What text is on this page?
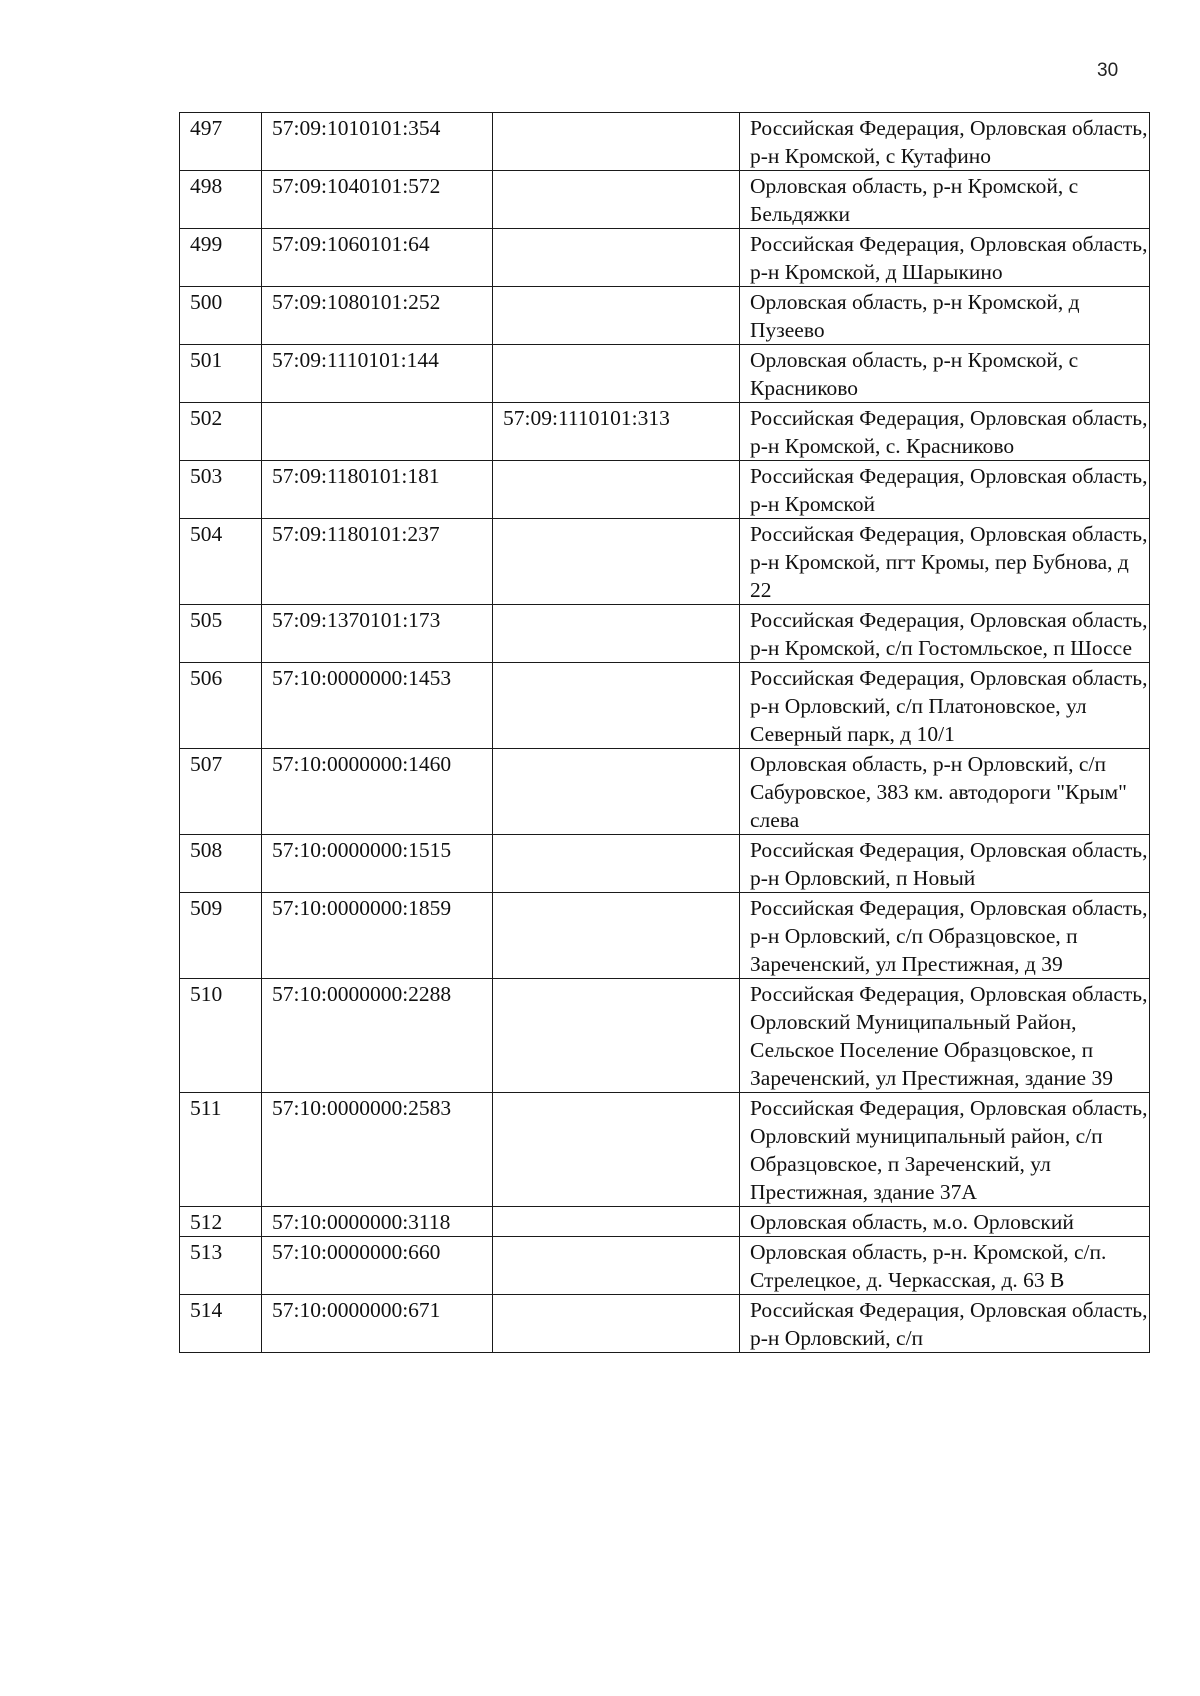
30
497	57:09:1010101:354		Российская Федерация, Орловская область, р-н Кромской, с Кутафино
498	57:09:1040101:572		Орловская область, р-н Кромской, с Бельдяжки
499	57:09:1060101:64		Российская Федерация, Орловская область, р-н Кромской, д Шарыкино
500	57:09:1080101:252		Орловская область, р-н Кромской, д Пузеево
501	57:09:1110101:144		Орловская область, р-н Кромской, с Красниково
502		57:09:1110101:313	Российская Федерация, Орловская область, р-н Кромской, с. Красниково
503	57:09:1180101:181		Российская Федерация, Орловская область, р-н Кромской
504	57:09:1180101:237		Российская Федерация, Орловская область, р-н Кромской, пгт Кромы, пер Бубнова, д 22
505	57:09:1370101:173		Российская Федерация, Орловская область, р-н Кромской, с/п Гостомльское, п Шоссе
506	57:10:0000000:1453		Российская Федерация, Орловская область, р-н Орловский, с/п Платоновское, ул Северный парк, д 10/1
507	57:10:0000000:1460		Орловская область, р-н Орловский, с/п Сабуровское, 383 км. автодороги "Крым" слева
508	57:10:0000000:1515		Российская Федерация, Орловская область, р-н Орловский, п Новый
509	57:10:0000000:1859		Российская Федерация, Орловская область, р-н Орловский, с/п Образцовское, п Зареченский, ул Престижная, д 39
510	57:10:0000000:2288		Российская Федерация, Орловская область, Орловский Муниципальный Район, Сельское Поселение Образцовское, п Зареченский, ул Престижная, здание 39
511	57:10:0000000:2583		Российская Федерация, Орловская область, Орловский муниципальный район, с/п Образцовское, п Зареченский, ул Престижная, здание 37А
512	57:10:0000000:3118		Орловская область, м.о. Орловский
513	57:10:0000000:660		Орловская область, р-н. Кромской, с/п. Стрелецкое, д. Черкасская, д. 63 В
514	57:10:0000000:671		Российская Федерация, Орловская область, р-н Орловский, с/п
